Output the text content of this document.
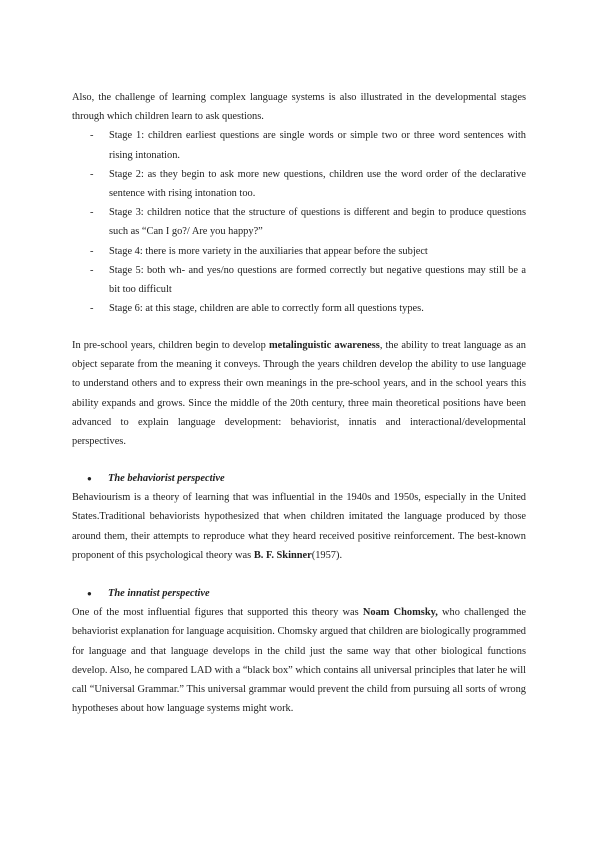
Also, the challenge of learning complex language systems is also illustrated in the developmental stages through which children learn to ask questions.

- Stage 1: children earliest questions are single words or simple two or three word sentences with rising intonation.
- Stage 2: as they begin to ask more new questions, children use the word order of the declarative sentence with rising intonation too.
- Stage 3: children notice that the structure of questions is different and begin to produce questions such as “Can I go?/ Are you happy?”
- Stage 4: there is more variety in the auxiliaries that appear before the subject
- Stage 5: both wh- and yes/no questions are formed correctly but negative questions may still be a bit too difficult
- Stage 6: at this stage, children are able to correctly form all questions types.

In pre-school years, children begin to develop metalinguistic awareness, the ability to treat language as an object separate from the meaning it conveys. Through the years children develop the ability to use language to understand others and to express their own meanings in the pre-school years, and in the school years this ability expands and grows. Since the middle of the 20th century, three main theoretical positions have been advanced to explain language development: behaviorist, innatis and interactional/developmental perspectives.

● The behaviorist perspective

Behaviourism is a theory of learning that was influential in the 1940s and 1950s, especially in the United States.Traditional behaviorists hypothesized that when children imitated the language produced by those around them, their attempts to reproduce what they heard received positive reinforcement. The best-known proponent of this psychological theory was B. F. Skinner(1957).

● The innatist perspective

One of the most influential figures that supported this theory was Noam Chomsky, who challenged the behaviorist explanation for language acquisition. Chomsky argued that children are biologically programmed for language and that language develops in the child just the same way that other biological functions develop. Also, he compared LAD with a “black box” which contains all universal principles that later he will call “Universal Grammar.” This universal grammar would prevent the child from pursuing all sorts of wrong hypotheses about how language systems might work.
